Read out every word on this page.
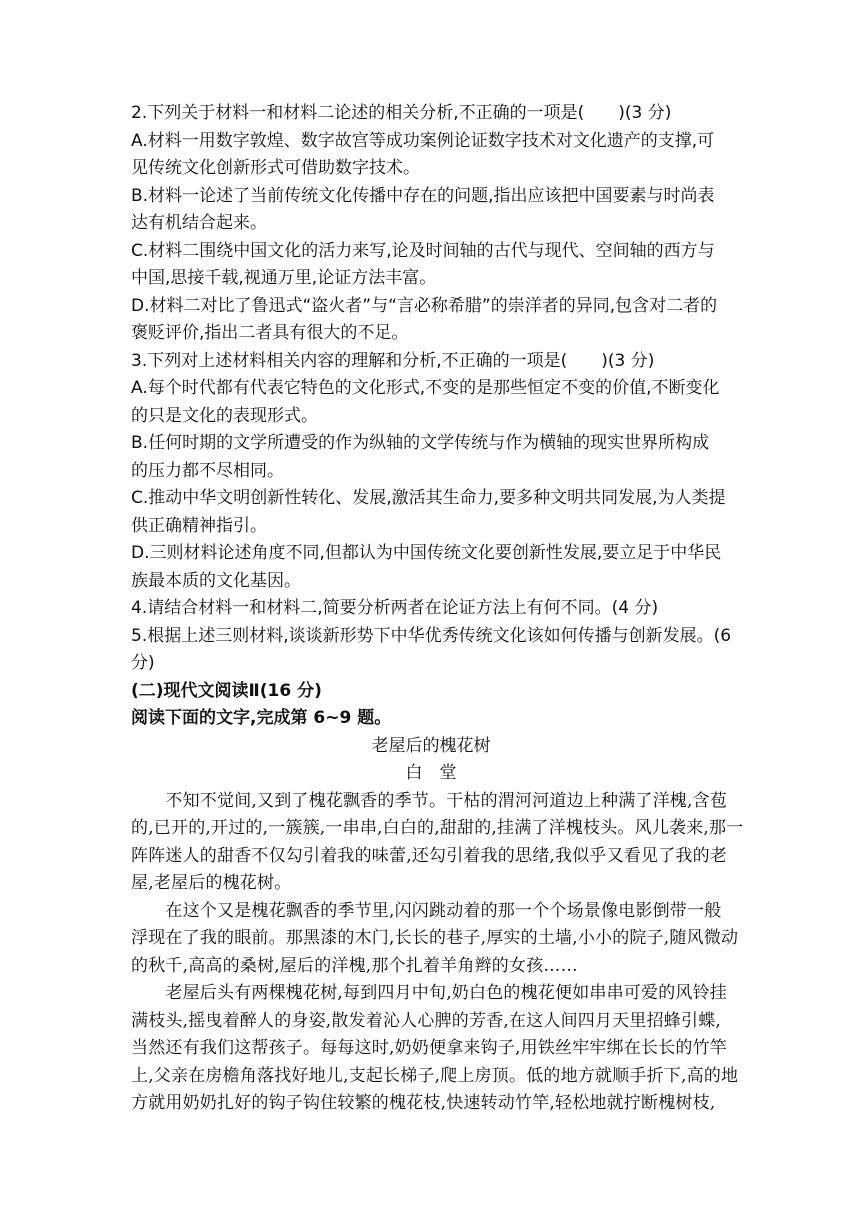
2.下列关于材料一和材料二论述的相关分析,不正确的一项是(　　)(3 分)
A.材料一用数字敦煌、数字故宫等成功案例论证数字技术对文化遗产的支撑,可
见传统文化创新形式可借助数字技术。
B.材料一论述了当前传统文化传播中存在的问题,指出应该把中国要素与时尚表
达有机结合起来。
C.材料二围绕中国文化的活力来写,论及时间轴的古代与现代、空间轴的西方与
中国,思接千载,视通万里,论证方法丰富。
D.材料二对比了鲁迅式“盗火者”与“言必称希腊”的崇洋者的异同,包含对二者的
褒贬评价,指出二者具有很大的不足。
3.下列对上述材料相关内容的理解和分析,不正确的一项是(　　)(3 分)
A.每个时代都有代表它特色的文化形式,不变的是那些恒定不变的价值,不断变化
的只是文化的表现形式。
B.任何时期的文学所遭受的作为纵轴的文学传统与作为横轴的现实世界所构成
的压力都不尽相同。
C.推动中华文明创新性转化、发展,激活其生命力,要多种文明共同发展,为人类提
供正确精神指引。
D.三则材料论述角度不同,但都认为中国传统文化要创新性发展,要立足于中华民
族最本质的文化基因。
4.请结合材料一和材料二,简要分析两者在论证方法上有何不同。(4 分)
5.根据上述三则材料,谈谈新形势下中华优秀传统文化该如何传播与创新发展。(6
分)
(二)现代文阅读Ⅱ(16 分)
阅读下面的文字,完成第 6~9 题。
老屋后的槐花树
白　堂
　　不知不觉间,又到了槐花飘香的季节。干枯的渭河河道边上种满了洋槐,含苞
的,已开的,开过的,一簇簇,一串串,白白的,甜甜的,挂满了洋槐枝头。风儿袭来,那一
阵阵迷人的甜香不仅勾引着我的味蕾,还勾引着我的思绪,我似乎又看见了我的老
屋,老屋后的槐花树。
　　在这个又是槐花飘香的季节里,闪闪跳动着的那一个个场景像电影倒带一般
浮现在了我的眼前。那黑漆的木门,长长的巷子,厚实的土墙,小小的院子,随风微动
的秋千,高高的桑树,屋后的洋槐,那个扎着羊角辫的女孩……
　　老屋后头有两棵槐花树,每到四月中旬,奶白色的槐花便如串串可爱的风铃挂
满枝头,摇曳着醉人的身姿,散发着沁人心脾的芳香,在这人间四月天里招蜂引蝶,
当然还有我们这帮孩子。每每这时,奶奶便拿来钩子,用铁丝牢牢绑在长长的竹竿
上,父亲在房檐角落找好地儿,支起长梯子,爬上房顶。低的地方就顺手折下,高的地
方就用奶奶扎好的钩子钩住较繁的槐花枝,快速转动竹竿,轻松地就拧断槐树枝,
